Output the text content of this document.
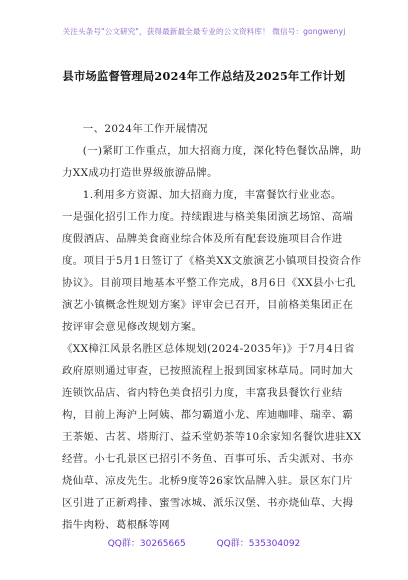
关注头条号"公文研究"，获得最新最全最专业的公文资料库！ 微信号：gongwenyj
县市场监督管理局2024年工作总结及2025年工作计划

一、2024年工作开展情况

(一)紧盯工作重点，加大招商力度，深化特色餐饮品牌，助力XX成功打造世界级旅游品牌。

1.利用多方资源、加大招商力度，丰富餐饮行业业态。

一是强化招引工作力度。持续跟进与格美集团演艺场馆、高端度假酒店、品牌美食商业综合体及所有配套设施项目合作进度。项目于5月1日签订了《格美XX文旅演艺小镇项目投资合作协议》。目前项目地基本平整工作完成，8月6日《XX县小七孔演艺小镇概念性规划方案》评审会已召开，目前格美集团正在按评审会意见修改规划方案。

《XX樟江风景名胜区总体规划(2024-2035年)》于7月4日省政府原则通过审查，已按照流程上报到国家林草局。同时加大连锁饮品店、省内特色美食招引力度，丰富我县餐饮行业结构，目前上海沪上阿姨、都匀霸道小龙、库迪咖啡、瑞幸、霸王茶姬、古茗、塔斯汀、益禾堂奶茶等10余家知名餐饮进驻XX经营。小七孔景区已招引不务鱼、百事可乐、舌尖派对、书亦烧仙草、凉皮先生。北桥9度等26家饮品牌入驻。景区东门片区引进了正新鸡排、蜜雪冰城、派乐汉堡、书亦烧仙草、大拇指牛肉粉、葛根酥等网

QQ群：30265665	QQ群：535304092
